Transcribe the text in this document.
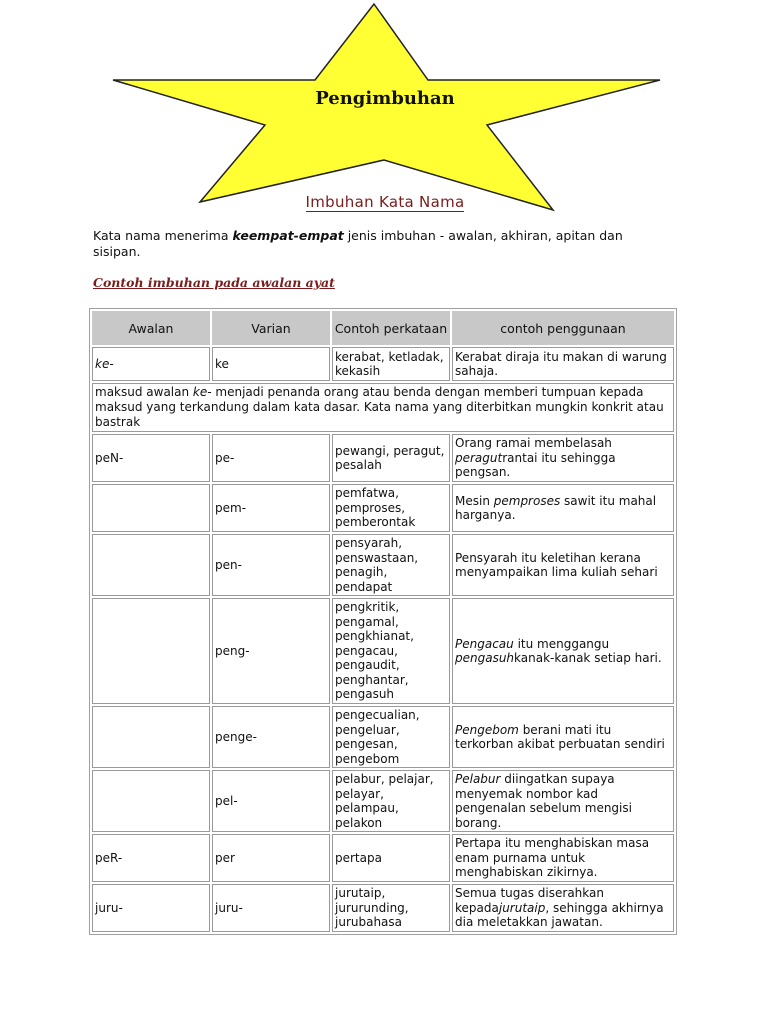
Pengimbuhan
Imbuhan Kata Nama
Kata nama menerima keempat-empat jenis imbuhan - awalan, akhiran, apitan dan sisipan.
Contoh imbuhan pada awalan ayat
Awalan	Varian	Contoh perkataan	contoh penggunaan
ke-	ke	kerabat, ketladak, kekasih	Kerabat diraja itu makan di warung sahaja.
maksud awalan ke- menjadi penanda orang atau benda dengan memberi tumpuan kepada maksud yang terkandung dalam kata dasar. Kata nama yang diterbitkan mungkin konkrit atau bastrak			
peN-	pe-	pewangi, peragut, pesalah	Orang ramai membelasah peragutrantai itu sehingga pengsan.
	pem-	pemfatwa, pemproses, pemberontak	Mesin pemproses sawit itu mahal harganya.
	pen-	pensyarah, penswastaan, penagih, pendapat	Pensyarah itu keletihan kerana menyampaikan lima kuliah sehari
	peng-	pengkritik, pengamal, pengkhianat, pengacau, pengaudit, penghantar, pengasuh	Pengacau itu menggangu pengasuhkanak-kanak setiap hari.
	penge-	pengecualian, pengeluar, pengesan, pengebom	Pengebom berani mati itu terkorban akibat perbuatan sendiri
	pel-	pelabur, pelajar, pelayar, pelampau, pelakon	Pelabur diingatkan supaya menyemak nombor kad pengenalan sebelum mengisi borang.
peR-	per	pertapa	Pertapa itu menghabiskan masa enam purnama untuk menghabiskan zikirnya.
juru-	juru-	jurutaip, jururunding, jurubahasa	Semua tugas diserahkan kepadajurutaip, sehingga akhirnya dia meletakkan jawatan.
